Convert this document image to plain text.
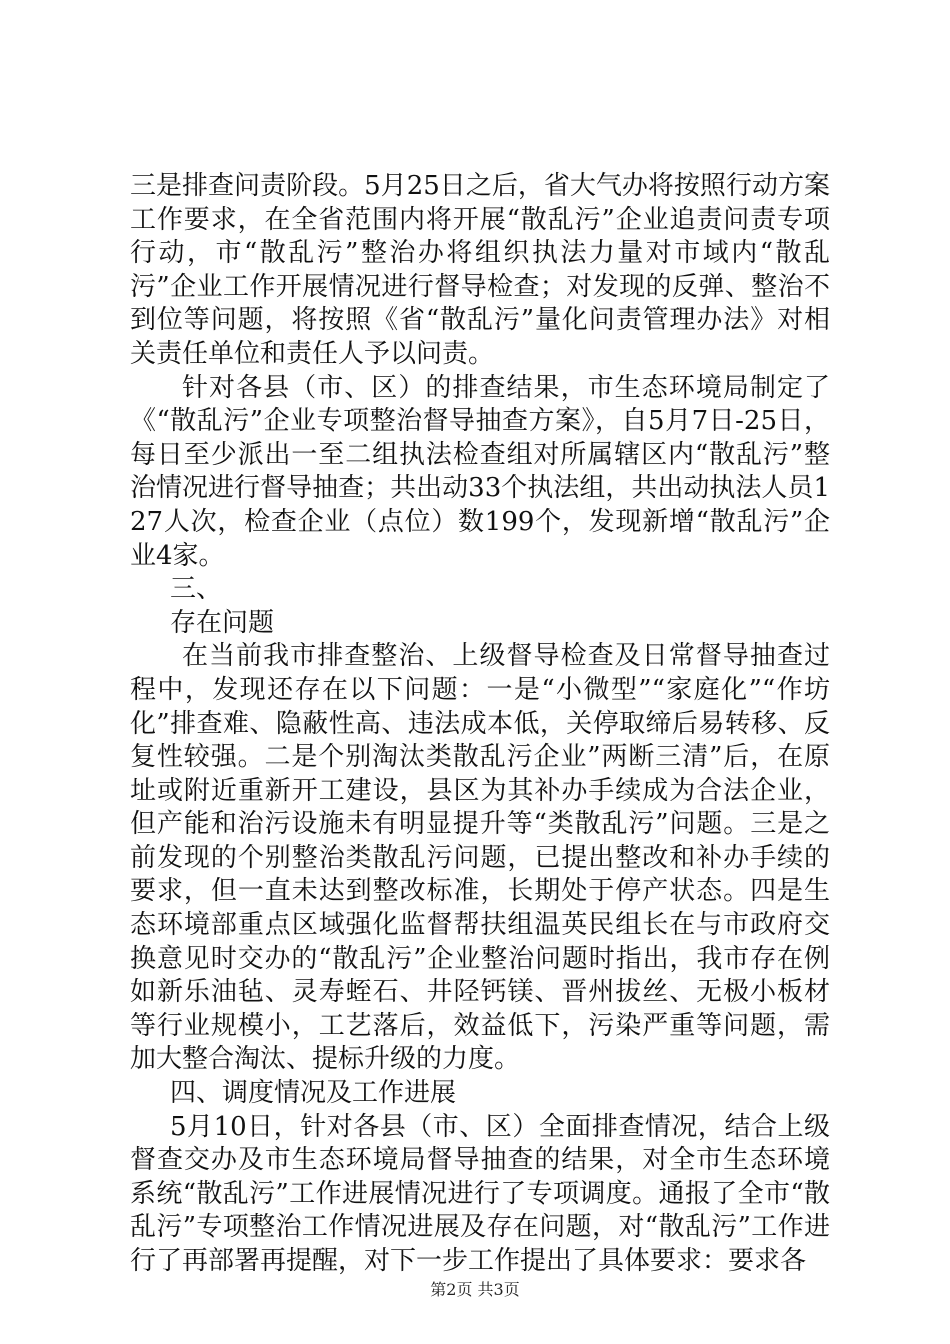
三是排查问责阶段。5月25日之后，省大气办将按照行动方案工作要求，在全省范围内将开展“散乱污”企业追责问责专项行动，市“散乱污”整治办将组织执法力量对市域内“散乱污”企业工作开展情况进行督导检查；对发现的反弹、整治不到位等问题，将按照《省“散乱污”量化问责管理办法》对相关责任单位和责任人予以问责。

针对各县（市、区）的排查结果，市生态环境局制定了《“散乱污”企业专项整治督导抽查方案》，自5月7日-25日，每日至少派出一至二组执法检查组对所属辖区内“散乱污”整治情况进行督导抽查；共出动33个执法组，共出动执法人员127人次，检查企业（点位）数199个，发现新增“散乱污”企业4家。

三、

存在问题

在当前我市排查整治、上级督导检查及日常督导抽查过程中，发现还存在以下问题：一是“小微型”“家庭化”“作坊化”排查难、隐蔽性高、违法成本低，关停取缔后易转移、反复性较强。二是个别淘汰类散乱污企业”两断三清”后，在原址或附近重新开工建设，县区为其补办手续成为合法企业，但产能和治污设施未有明显提升等“类散乱污”问题。三是之前发现的个别整治类散乱污问题，已提出整改和补办手续的要求，但一直未达到整改标准，长期处于停产状态。四是生态环境部重点区域强化监督帮扶组温英民组长在与市政府交换意见时交办的“散乱污”企业整治问题时指出，我市存在例如新乐油毡、灵寿蛭石、井陉钙镁、晋州拔丝、无极小板材等行业规模小，工艺落后，效益低下，污染严重等问题，需加大整合淘汰、提标升级的力度。

四、调度情况及工作进展

5月10日，针对各县（市、区）全面排查情况，结合上级督查交办及市生态环境局督导抽查的结果，对全市生态环境系统“散乱污”工作进展情况进行了专项调度。通报了全市“散乱污”专项整治工作情况进展及存在问题，对“散乱污”工作进行了再部署再提醒，对下一步工作提出了具体要求：要求各

第2页 共3页
